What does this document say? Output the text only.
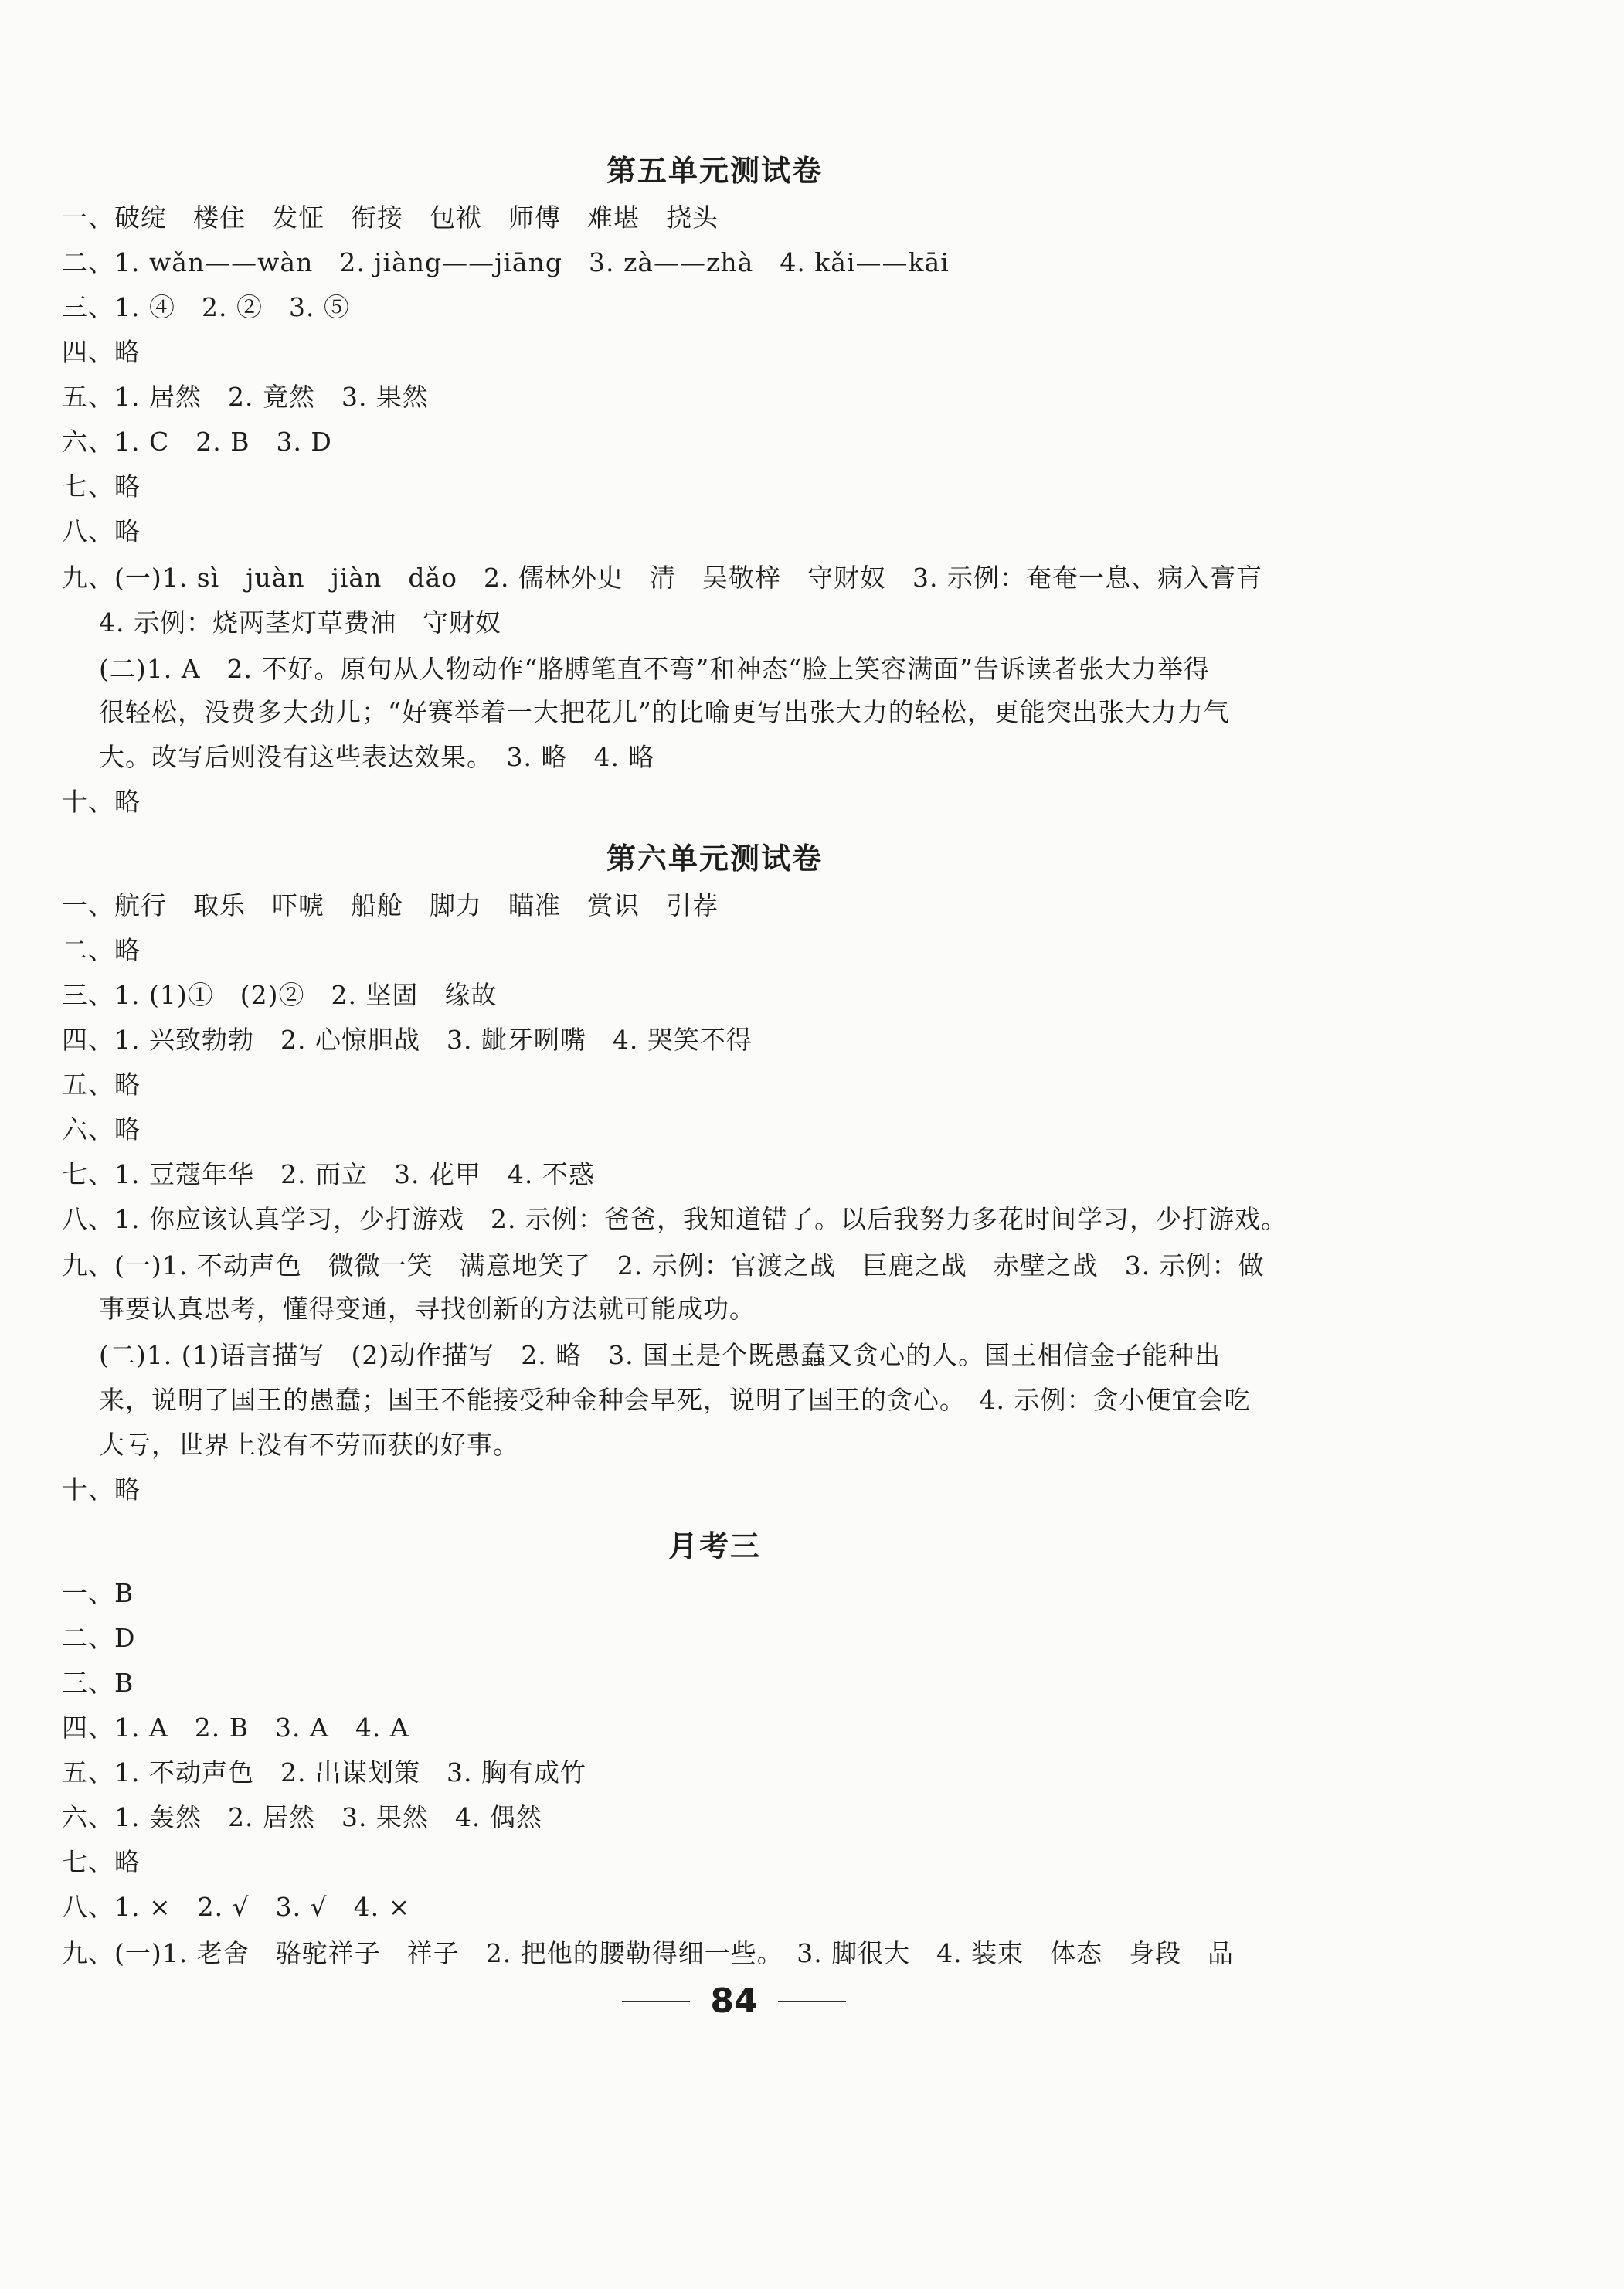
第五单元测试卷
一、破绽　楼住　发怔　衔接　包袱　师傅　难堪　挠头
二、1. wǎn——wàn　2. jiàng——jiāng　3. zà——zhà　4. kǎi——kāi
三、1. ④　2. ②　3. ⑤
四、略
五、1. 居然　2. 竟然　3. 果然
六、1. C　2. B　3. D
七、略
八、略
九、(一)1. sì　juàn　jiàn　dǎo　2. 儒林外史　清　吴敬梓　守财奴　3. 示例：奄奄一息、病入膏肓
4. 示例：烧两茎灯草费油　守财奴
(二)1. A　2. 不好。原句从人物动作“胳膊笔直不弯”和神态“脸上笑容满面”告诉读者张大力举得
很轻松，没费多大劲儿；“好赛举着一大把花儿”的比喻更写出张大力的轻松，更能突出张大力力气
大。改写后则没有这些表达效果。　3. 略　4. 略
十、略
第六单元测试卷
一、航行　取乐　吓唬　船舱　脚力　瞄准　赏识　引荐
二、略
三、1. (1)①　(2)②　2. 坚固　缘故
四、1. 兴致勃勃　2. 心惊胆战　3. 龇牙咧嘴　4. 哭笑不得
五、略
六、略
七、1. 豆蔻年华　2. 而立　3. 花甲　4. 不惑
八、1. 你应该认真学习，少打游戏　2. 示例：爸爸，我知道错了。以后我努力多花时间学习，少打游戏。
九、(一)1. 不动声色　微微一笑　满意地笑了　2. 示例：官渡之战　巨鹿之战　赤壁之战　3. 示例：做
事要认真思考，懂得变通，寻找创新的方法就可能成功。
(二)1. (1)语言描写　(2)动作描写　2. 略　3. 国王是个既愚蠢又贪心的人。国王相信金子能种出
来，说明了国王的愚蠢；国王不能接受种金种会早死，说明了国王的贪心。　4. 示例：贪小便宜会吃
大亏，世界上没有不劳而获的好事。
十、略
月考三
一、B
二、D
三、B
四、1. A　2. B　3. A　4. A
五、1. 不动声色　2. 出谋划策　3. 胸有成竹
六、1. 轰然　2. 居然　3. 果然　4. 偶然
七、略
八、1. ×　2. √　3. √　4. ×
九、(一)1. 老舍　骆驼祥子　祥子　2. 把他的腰勒得细一些。　3. 脚很大　4. 装束　体态　身段　品
84
